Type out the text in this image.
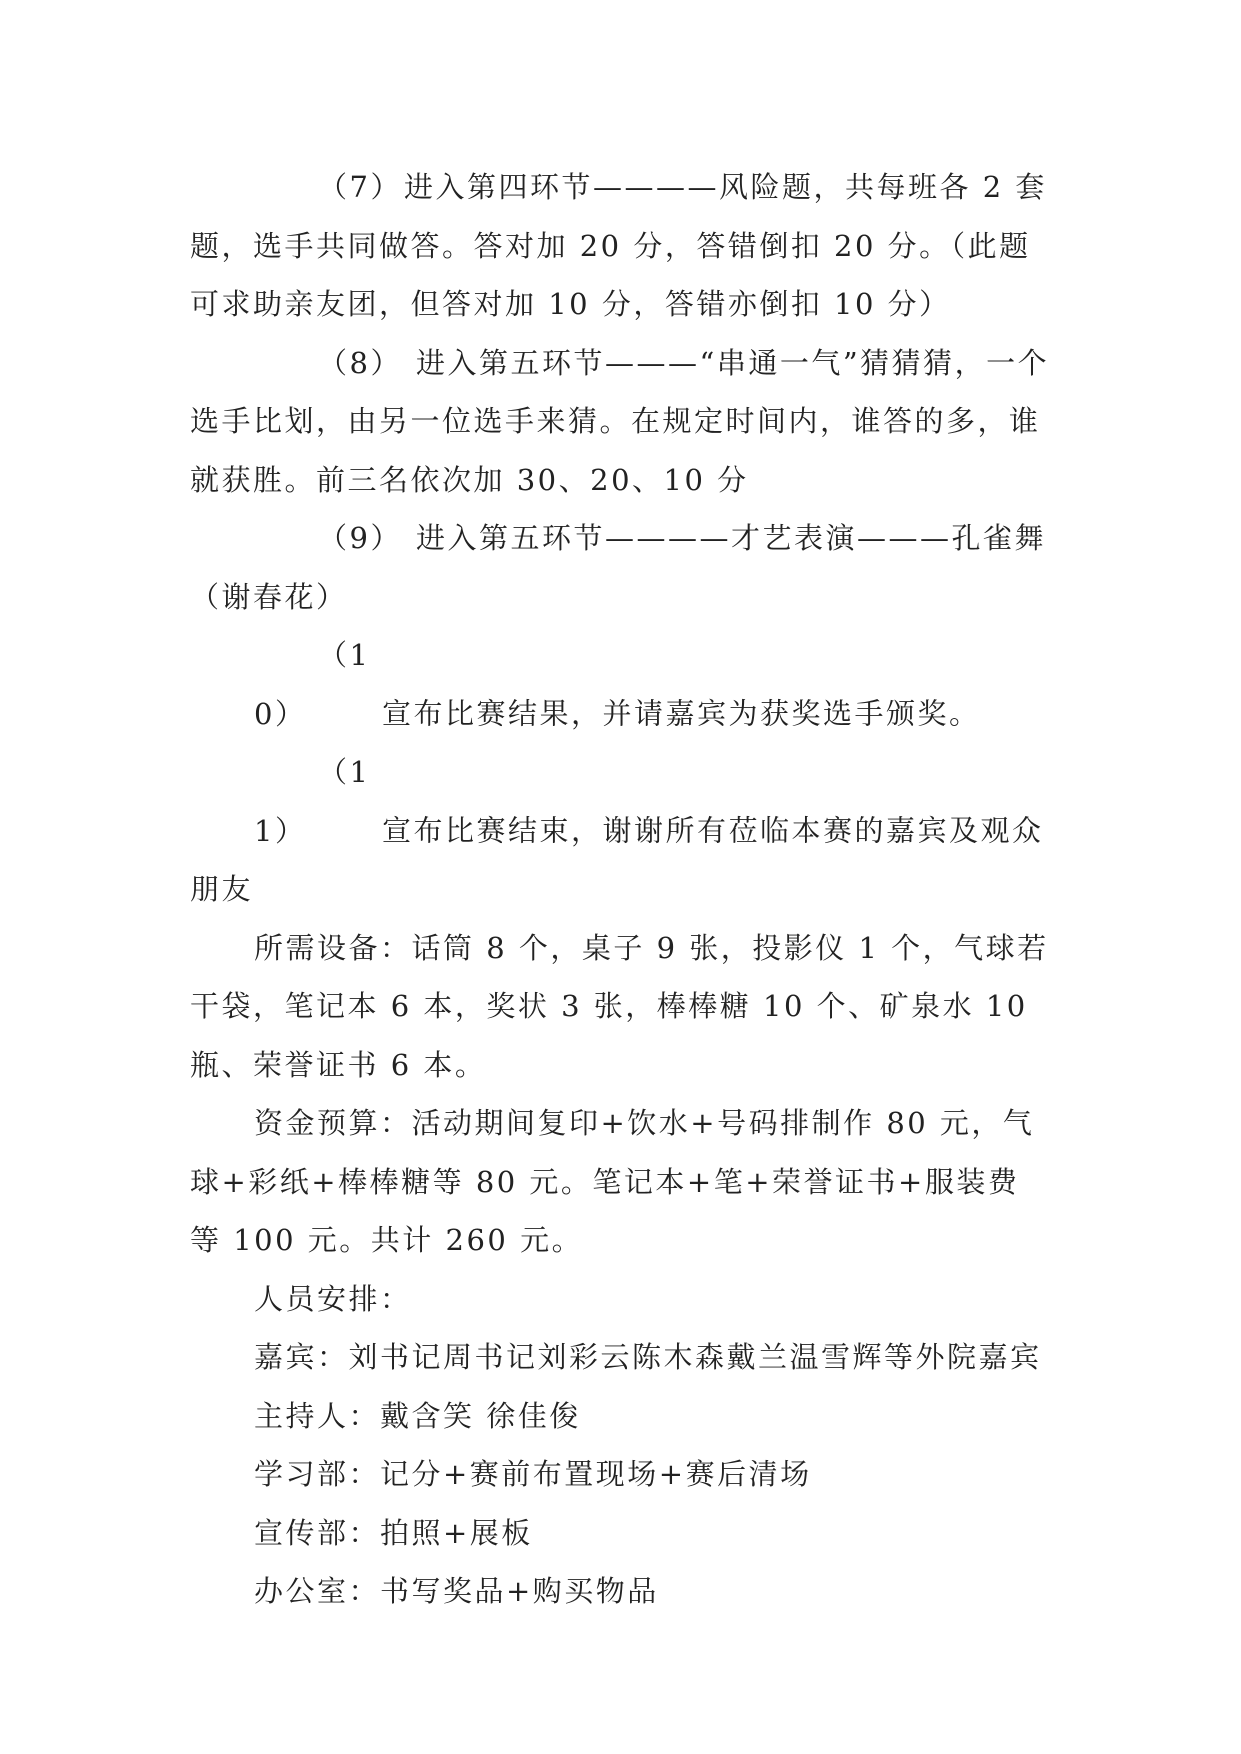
（7）进入第四环节————风险题，共每班各 2 套题，选手共同做答。答对加 20 分，答错倒扣 20 分。（此题可求助亲友团，但答对加 10 分，答错亦倒扣 10 分）

（8） 进入第五环节———“串通一气”猜猜猜，一个选手比划，由另一位选手来猜。在规定时间内，谁答的多，谁就获胜。前三名依次加 30、20、10 分

（9） 进入第五环节————才艺表演———孔雀舞（谢春花）

（10）	宣布比赛结果，并请嘉宾为获奖选手颁奖。

（11）	宣布比赛结束，谢谢所有莅临本赛的嘉宾及观众朋友

所需设备：话筒 8 个，桌子 9 张，投影仪 1 个，气球若干袋，笔记本 6 本，奖状 3 张，棒棒糖 10 个、矿泉水 10 瓶、荣誉证书 6 本。

资金预算：活动期间复印+饮水+号码排制作 80 元，气球+彩纸+棒棒糖等 80 元。笔记本+笔+荣誉证书+服装费等 100 元。共计 260 元。

人员安排：

嘉宾：刘书记周书记刘彩云陈木森戴兰温雪辉等外院嘉宾

主持人：戴含笑 徐佳俊

学习部：记分+赛前布置现场+赛后清场

宣传部：拍照+展板

办公室：书写奖品+购买物品
